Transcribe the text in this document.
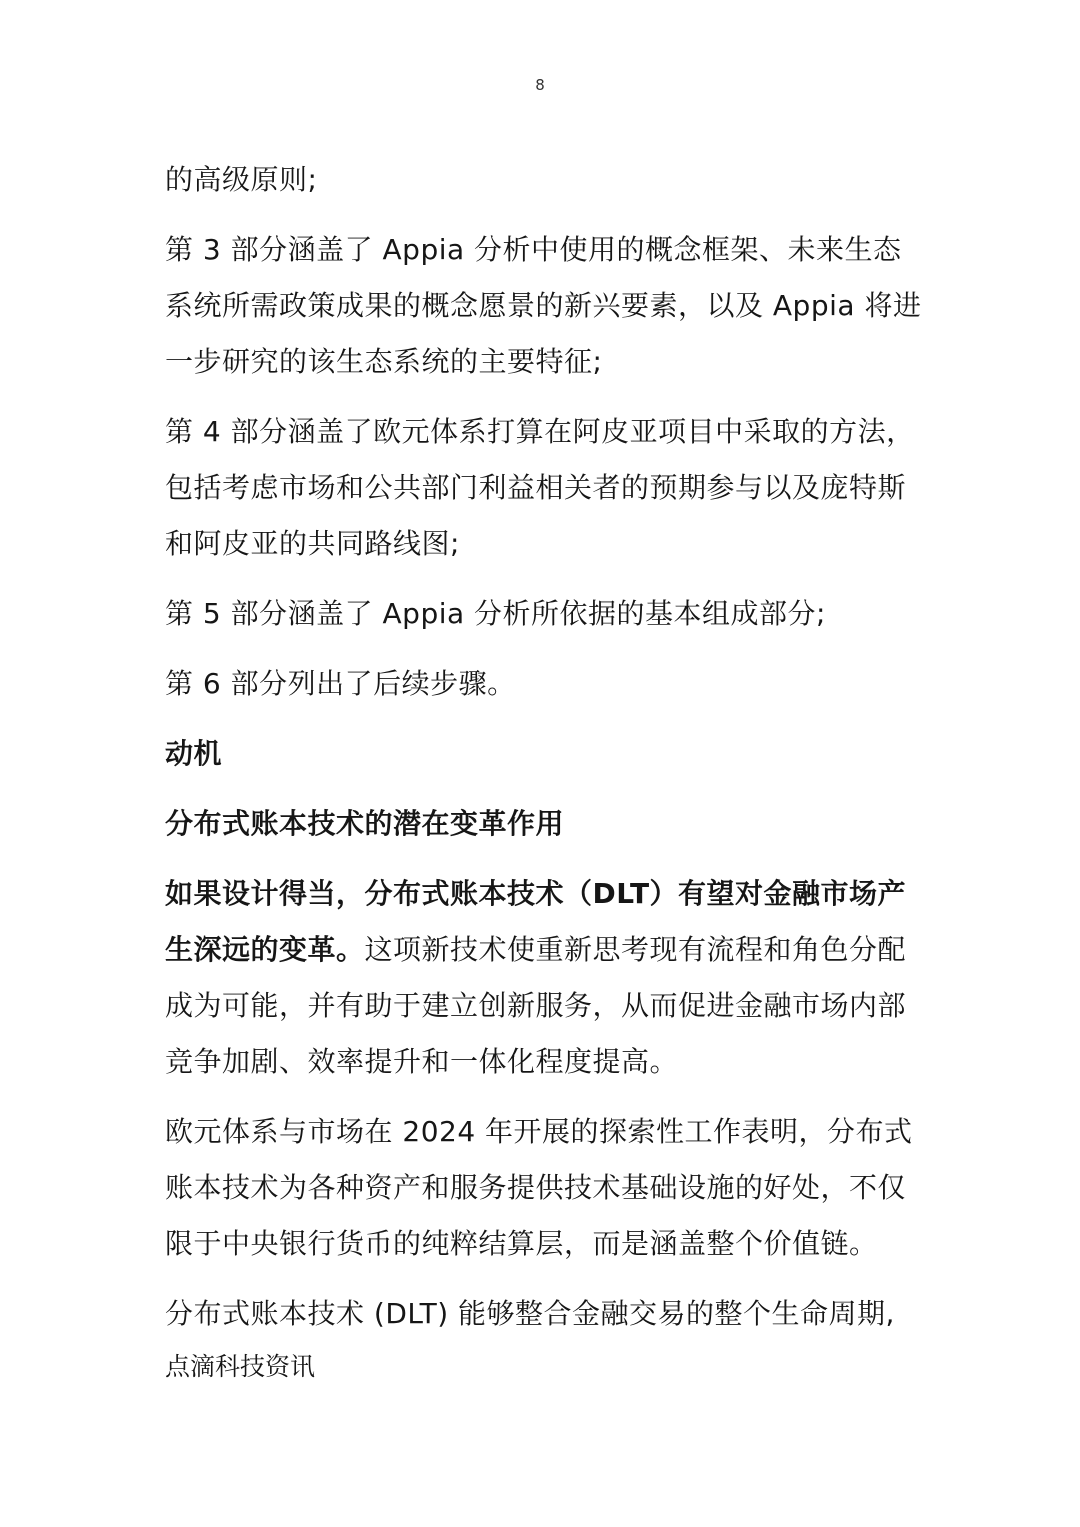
8

的高级原则;

第 3 部分涵盖了 Appia 分析中使用的概念框架、未来生态系统所需政策成果的概念愿景的新兴要素，以及 Appia 将进一步研究的该生态系统的主要特征;

第 4 部分涵盖了欧元体系打算在阿皮亚项目中采取的方法，包括考虑市场和公共部门利益相关者的预期参与以及庞特斯和阿皮亚的共同路线图;

第 5 部分涵盖了 Appia 分析所依据的基本组成部分;

第 6 部分列出了后续步骤。

动机

分布式账本技术的潜在变革作用

如果设计得当，分布式账本技术（DLT）有望对金融市场产生深远的变革。这项新技术使重新思考现有流程和角色分配成为可能，并有助于建立创新服务，从而促进金融市场内部竞争加剧、效率提升和一体化程度提高。

欧元体系与市场在 2024 年开展的探索性工作表明，分布式账本技术为各种资产和服务提供技术基础设施的好处，不仅限于中央银行货币的纯粹结算层，而是涵盖整个价值链。

分布式账本技术 (DLT) 能够整合金融交易的整个生命周期,

点滴科技资讯
